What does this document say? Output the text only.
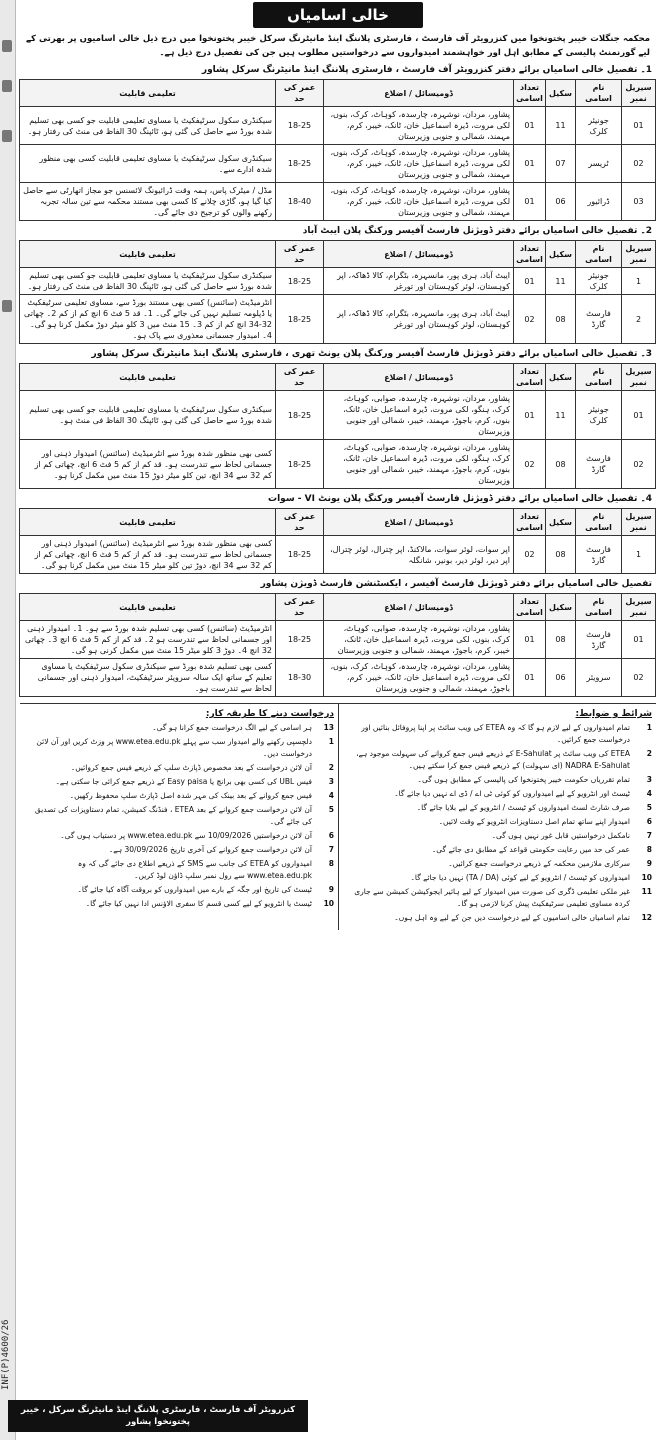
INF(P)4600/26
خالی اسامیاں

محکمہ جنگلات خیبر پختونخوا میں کنزرویٹر آف فارسٹ ، فارسٹری پلاننگ اینڈ مانیٹرنگ سرکل خیبر پختونخوا میں درج ذیل خالی اسامیوں پر بھرتی کے لیے گورنمنٹ پالیسی کے مطابق اہل اور خواہشمند امیدواروں سے درخواستیں مطلوب ہیں جن کی تفصیل درج ذیل ہے۔

1۔ تفصیل خالی اسامیاں برائے دفتر کنزرویٹر آف فارسٹ ، فارسٹری پلاننگ اینڈ مانیٹرنگ سرکل پشاور
سیریل نمبر	نام اسامی	سکیل	تعداد اسامی	ڈومیسائل / اضلاع	عمر کی حد	تعلیمی قابلیت
01	جونیئر کلرک	11	01	پشاور، مردان، نوشہرہ، چارسدہ، کوہاٹ، کرک، بنوں، لکی مروت، ڈیرہ اسماعیل خان، ٹانک، خیبر، کرم، مہمند، شمالی و جنوبی وزیرستان	18-25	سیکنڈری سکول سرٹیفکیٹ یا مساوی تعلیمی قابلیت جو کسی بھی تسلیم شدہ بورڈ سے حاصل کی گئی ہو، ٹائپنگ 30 الفاظ فی منٹ کی رفتار ہو۔
02	ٹریسر	07	01	پشاور، مردان، نوشہرہ، چارسدہ، کوہاٹ، کرک، بنوں، لکی مروت، ڈیرہ اسماعیل خان، ٹانک، خیبر، کرم، مہمند، شمالی و جنوبی وزیرستان	18-25	سیکنڈری سکول سرٹیفکیٹ یا مساوی تعلیمی قابلیت کسی بھی منظور شدہ ادارے سے۔
03	ڈرائیور	06	01	پشاور، مردان، نوشہرہ، چارسدہ، کوہاٹ، کرک، بنوں، لکی مروت، ڈیرہ اسماعیل خان، ٹانک، خیبر، کرم، مہمند، شمالی و جنوبی وزیرستان	18-40	مڈل / میٹرک پاس، ہمہ وقت ڈرائیونگ لائسنس جو مجاز اتھارٹی سے حاصل کیا گیا ہو، گاڑی چلانے کا کسی بھی مستند محکمہ سے تین سالہ تجربہ رکھنے والوں کو ترجیح دی جائے گی۔
2۔ تفصیل خالی اسامیاں برائے دفتر ڈویژنل فارسٹ آفیسر ورکنگ پلان ایبٹ آباد
سیریل نمبر	نام اسامی	سکیل	تعداد اسامی	ڈومیسائل / اضلاع	عمر کی حد	تعلیمی قابلیت
1	جونیئر کلرک	11	01	ایبٹ آباد، ہری پور، مانسہرہ، بٹگرام، کالا ڈھاکہ، اپر کوہستان، لوئر کوہستان اور تورغر	18-25	سیکنڈری سکول سرٹیفکیٹ یا مساوی تعلیمی قابلیت جو کسی بھی تسلیم شدہ بورڈ سے حاصل کی گئی ہو، ٹائپنگ 30 الفاظ فی منٹ کی رفتار ہو۔
2	فارسٹ گارڈ	08	02	ایبٹ آباد، ہری پور، مانسہرہ، بٹگرام، کالا ڈھاکہ، اپر کوہستان، لوئر کوہستان اور تورغر	18-25	انٹرمیڈیٹ (سائنس) کسی بھی مستند بورڈ سے، مساوی تعلیمی سرٹیفکیٹ یا ڈپلومہ تسلیم نہیں کی جائے گی۔ 1۔ قد 5 فٹ 6 انچ کم از کم 2۔ چھاتی 32-34 انچ کم از کم 3۔ 15 منٹ میں 3 کلو میٹر دوڑ مکمل کرنا ہو گی۔ 4۔ امیدوار جسمانی معذوری سے پاک ہو۔
3۔ تفصیل خالی اسامیاں برائے دفتر ڈویژنل فارسٹ آفیسر ورکنگ پلان یونٹ تھری ، فارسٹری پلاننگ اینڈ مانیٹرنگ سرکل پشاور
سیریل نمبر	نام اسامی	سکیل	تعداد اسامی	ڈومیسائل / اضلاع	عمر کی حد	تعلیمی قابلیت
01	جونیئر کلرک	11	01	پشاور، مردان، نوشہرہ، چارسدہ، صوابی، کوہاٹ، کرک، ہنگو، لکی مروت، ڈیرہ اسماعیل خان، ٹانک، بنوں، کرم، باجوڑ، مہمند، خیبر، شمالی اور جنوبی وزیرستان	18-25	سیکنڈری سکول سرٹیفکیٹ یا مساوی تعلیمی قابلیت جو کسی بھی تسلیم شدہ بورڈ سے حاصل کی گئی ہو، ٹائپنگ 30 الفاظ فی منٹ ہو۔
02	فارسٹ گارڈ	08	02	پشاور، مردان، نوشہرہ، چارسدہ، صوابی، کوہاٹ، کرک، ہنگو، لکی مروت، ڈیرہ اسماعیل خان، ٹانک، بنوں، کرم، باجوڑ، مہمند، خیبر، شمالی اور جنوبی وزیرستان	18-25	کسی بھی منظور شدہ بورڈ سے انٹرمیڈیٹ (سائنس) امیدوار ذہنی اور جسمانی لحاظ سے تندرست ہو۔ قد کم از کم 5 فٹ 6 انچ، چھاتی کم از کم 32 سے 34 انچ، تین کلو میٹر دوڑ 15 منٹ میں مکمل کرنا ہو۔
4۔ تفصیل خالی اسامیاں برائے دفتر ڈویژنل فارسٹ آفیسر ورکنگ پلان یونٹ VI - سوات
سیریل نمبر	نام اسامی	سکیل	تعداد اسامی	ڈومیسائل / اضلاع	عمر کی حد	تعلیمی قابلیت
1	فارسٹ گارڈ	08	02	اپر سوات، لوئر سوات، مالاکنڈ، اپر چترال، لوئر چترال، اپر دیر، لوئر دیر، بونیر، شانگلہ	18-25	کسی بھی منظور شدہ بورڈ سے انٹرمیڈیٹ (سائنس) امیدوار ذہنی اور جسمانی لحاظ سے تندرست ہو۔ قد کم از کم 5 فٹ 6 انچ، چھاتی کم از کم 32 سے 34 انچ، دوڑ تین کلو میٹر 15 منٹ میں مکمل کرنا ہو گی۔
تفصیل خالی اسامیاں برائے دفتر ڈویژنل فارسٹ آفیسر ، ایکسٹنشن فارسٹ ڈویژن پشاور
سیریل نمبر	نام اسامی	سکیل	تعداد اسامی	ڈومیسائل / اضلاع	عمر کی حد	تعلیمی قابلیت
01	فارسٹ گارڈ	08	01	پشاور، مردان، نوشہرہ، چارسدہ، صوابی، کوہاٹ، کرک، بنوں، لکی مروت، ڈیرہ اسماعیل خان، ٹانک، خیبر، کرم، باجوڑ، مہمند، شمالی و جنوبی وزیرستان	18-25	انٹرمیڈیٹ (سائنس) کسی بھی تسلیم شدہ بورڈ سے ہو۔ 1۔ امیدوار ذہنی اور جسمانی لحاظ سے تندرست ہو 2۔ قد کم از کم 5 فٹ 6 انچ 3۔ چھاتی 32 انچ 4۔ دوڑ 3 کلو میٹر 15 منٹ میں مکمل کرنی ہو گی۔
02	سرویئر	06	01	پشاور، مردان، نوشہرہ، چارسدہ، کوہاٹ، کرک، بنوں، لکی مروت، ڈیرہ اسماعیل خان، ٹانک، خیبر، کرم، باجوڑ، مہمند، شمالی و جنوبی وزیرستان	18-30	کسی بھی تسلیم شدہ بورڈ سے سیکنڈری سکول سرٹیفکیٹ یا مساوی تعلیم کے ساتھ ایک سالہ سرویئر سرٹیفکیٹ، امیدوار ذہنی اور جسمانی لحاظ سے تندرست ہو۔
شرائط و ضوابط:
1
تمام امیدواروں کے لیے لازم ہو گا کہ وہ ETEA کی ویب سائٹ پر اپنا پروفائل بنائیں اور درخواست جمع کرائیں۔
2
ETEA کی ویب سائٹ پر E-Sahulat کے ذریعے فیس جمع کروانے کی سہولت موجود ہے، NADRA E-Sahulat (ای سہولت) کے ذریعے فیس جمع کرا سکتے ہیں۔
3
تمام تقرریاں حکومت خیبر پختونخوا کی پالیسی کے مطابق ہوں گی۔
4
ٹیسٹ اور انٹرویو کے لیے امیدواروں کو کوئی ٹی اے / ڈی اے نہیں دیا جائے گا۔
5
صرف شارٹ لسٹ امیدواروں کو ٹیسٹ / انٹرویو کے لیے بلایا جائے گا۔
6
امیدوار اپنے ساتھ تمام اصل دستاویزات انٹرویو کے وقت لائیں۔
7
نامکمل درخواستیں قابل غور نہیں ہوں گی۔
8
عمر کی حد میں رعایت حکومتی قواعد کے مطابق دی جائے گی۔
9
سرکاری ملازمین محکمہ کے ذریعے درخواست جمع کرائیں۔
10
امیدواروں کو ٹیسٹ / انٹرویو کے لیے کوئی (TA / DA) نہیں دیا جائے گا۔
11
غیر ملکی تعلیمی ڈگری کی صورت میں امیدوار کے لیے ہائیر ایجوکیشن کمیشن سے جاری کردہ مساوی تعلیمی سرٹیفکیٹ پیش کرنا لازمی ہو گا۔
12
تمام اسامیاں خالی اسامیوں کے لیے درخواست دیں جن کے لیے وہ اہل ہوں۔
درخواست دینے کا طریقہ کار:
13
ہر اسامی کے لیے الگ درخواست جمع کرانا ہو گی۔
1
دلچسپی رکھنے والے امیدوار سب سے پہلے www.etea.edu.pk پر وزٹ کریں اور آن لائن درخواست دیں۔
2
آن لائن درخواست کے بعد مخصوص ڈپازٹ سلپ کے ذریعے فیس جمع کروائیں۔
3
فیس UBL کی کسی بھی برانچ یا Easy paisa کے ذریعے جمع کرائی جا سکتی ہے۔
4
فیس جمع کروانے کے بعد بینک کی مہر شدہ اصل ڈپازٹ سلپ محفوظ رکھیں۔
5
آن لائن درخواست جمع کروانے کے بعد ETEA ، فنڈنگ کمیشن، تمام دستاویزات کی تصدیق کی جائے گی۔
6
آن لائن درخواستیں 10/09/2026 سے www.etea.edu.pk پر دستیاب ہوں گی۔
7
آن لائن درخواست جمع کروانے کی آخری تاریخ 30/09/2026 ہے۔
8
امیدواروں کو ETEA کی جانب سے SMS کے ذریعے اطلاع دی جائے گی کہ وہ www.etea.edu.pk سے رول نمبر سلپ ڈاؤن لوڈ کریں۔
9
ٹیسٹ کی تاریخ اور جگہ کے بارے میں امیدواروں کو بروقت آگاہ کیا جائے گا۔
10
ٹیسٹ یا انٹرویو کے لیے کسی قسم کا سفری الاؤنس ادا نہیں کیا جائے گا۔
کنزرویٹر آف فارسٹ ، فارسٹری پلاننگ اینڈ مانیٹرنگ سرکل ، خیبر پختونخوا پشاور
